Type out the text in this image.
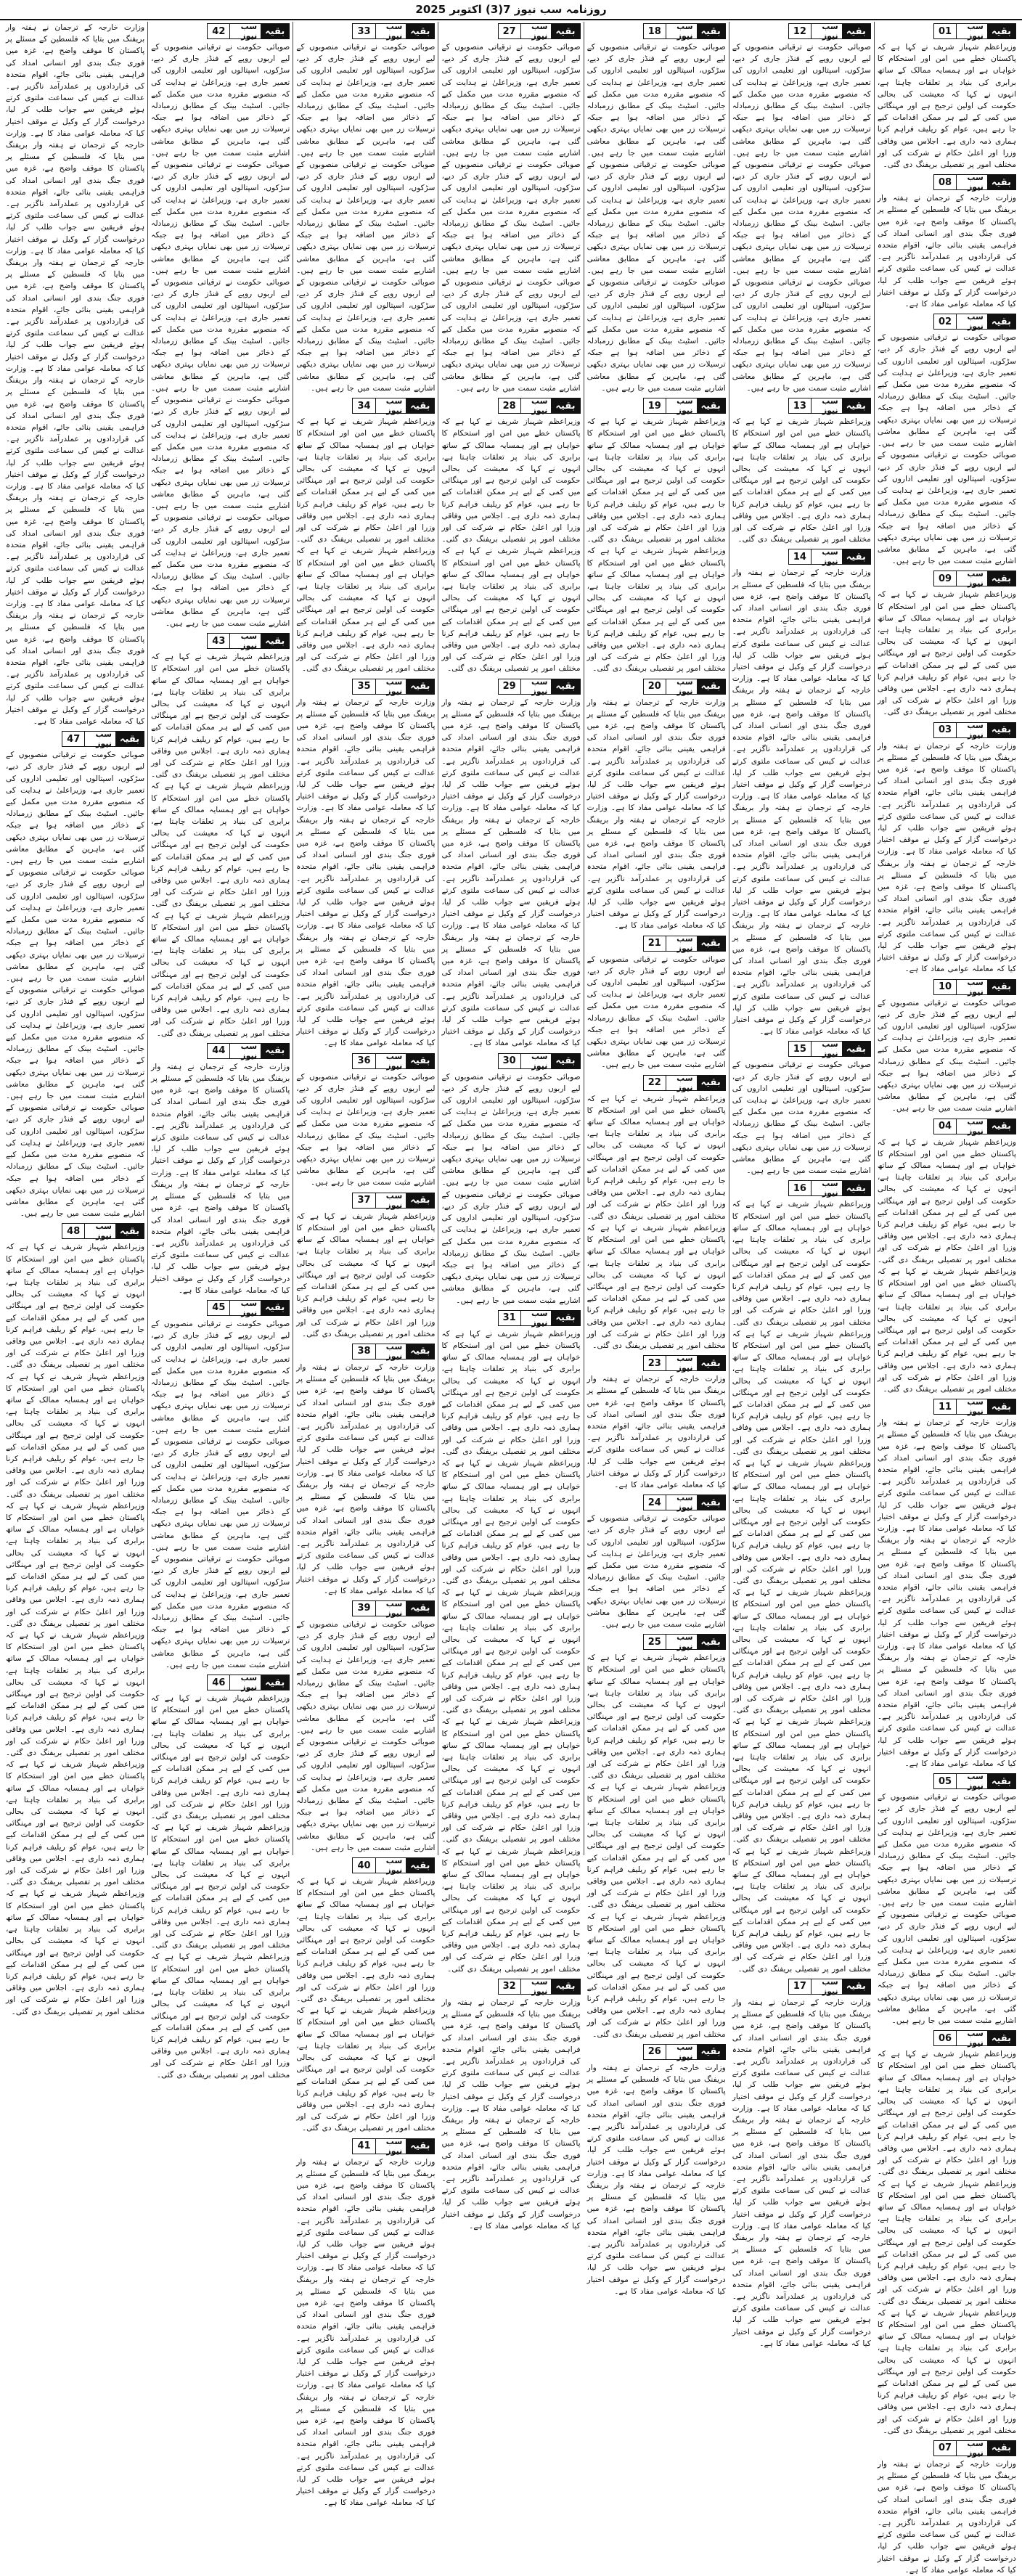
روزنامہ سب نیوز 7(3) اکتوبر 2025
بقیہ
سب نیوز
01
وزیراعظم شہباز شریف نے کہا ہے کہ پاکستان خطے میں امن اور استحکام کا خواہاں ہے اور ہمسایہ ممالک کے ساتھ برابری کی بنیاد پر تعلقات چاہتا ہے، انہوں نے کہا کہ معیشت کی بحالی حکومت کی اولین ترجیح ہے اور مہنگائی میں کمی کے لیے ہر ممکن اقدامات کیے جا رہے ہیں، عوام کو ریلیف فراہم کرنا ہماری ذمہ داری ہے۔ اجلاس میں وفاقی وزرا اور اعلیٰ حکام نے شرکت کی اور مختلف امور پر تفصیلی بریفنگ دی گئی۔
بقیہ
سب نیوز
08
وزارت خارجہ کے ترجمان نے ہفتہ وار بریفنگ میں بتایا کہ فلسطین کے مسئلے پر پاکستان کا موقف واضح ہے، غزہ میں فوری جنگ بندی اور انسانی امداد کی فراہمی یقینی بنائی جائے، اقوام متحدہ کی قراردادوں پر عملدرآمد ناگزیر ہے۔ عدالت نے کیس کی سماعت ملتوی کرتے ہوئے فریقین سے جواب طلب کر لیا، درخواست گزار کے وکیل نے موقف اختیار کیا کہ معاملہ عوامی مفاد کا ہے۔
بقیہ
سب نیوز
02
صوبائی حکومت نے ترقیاتی منصوبوں کے لیے اربوں روپے کے فنڈز جاری کر دیے، سڑکوں، اسپتالوں اور تعلیمی اداروں کی تعمیر جاری ہے، وزیراعلیٰ نے ہدایت کی کہ منصوبے مقررہ مدت میں مکمل کیے جائیں۔ اسٹیٹ بینک کے مطابق زرمبادلہ کے ذخائر میں اضافہ ہوا ہے جبکہ ترسیلات زر میں بھی نمایاں بہتری دیکھی گئی ہے، ماہرین کے مطابق معاشی اشاریے مثبت سمت میں جا رہے ہیں۔ صوبائی حکومت نے ترقیاتی منصوبوں کے لیے اربوں روپے کے فنڈز جاری کر دیے، سڑکوں، اسپتالوں اور تعلیمی اداروں کی تعمیر جاری ہے، وزیراعلیٰ نے ہدایت کی کہ منصوبے مقررہ مدت میں مکمل کیے جائیں۔ اسٹیٹ بینک کے مطابق زرمبادلہ کے ذخائر میں اضافہ ہوا ہے جبکہ ترسیلات زر میں بھی نمایاں بہتری دیکھی گئی ہے، ماہرین کے مطابق معاشی اشاریے مثبت سمت میں جا رہے ہیں۔
بقیہ
سب نیوز
09
وزیراعظم شہباز شریف نے کہا ہے کہ پاکستان خطے میں امن اور استحکام کا خواہاں ہے اور ہمسایہ ممالک کے ساتھ برابری کی بنیاد پر تعلقات چاہتا ہے، انہوں نے کہا کہ معیشت کی بحالی حکومت کی اولین ترجیح ہے اور مہنگائی میں کمی کے لیے ہر ممکن اقدامات کیے جا رہے ہیں، عوام کو ریلیف فراہم کرنا ہماری ذمہ داری ہے۔ اجلاس میں وفاقی وزرا اور اعلیٰ حکام نے شرکت کی اور مختلف امور پر تفصیلی بریفنگ دی گئی۔
بقیہ
سب نیوز
03
وزارت خارجہ کے ترجمان نے ہفتہ وار بریفنگ میں بتایا کہ فلسطین کے مسئلے پر پاکستان کا موقف واضح ہے، غزہ میں فوری جنگ بندی اور انسانی امداد کی فراہمی یقینی بنائی جائے، اقوام متحدہ کی قراردادوں پر عملدرآمد ناگزیر ہے۔ عدالت نے کیس کی سماعت ملتوی کرتے ہوئے فریقین سے جواب طلب کر لیا، درخواست گزار کے وکیل نے موقف اختیار کیا کہ معاملہ عوامی مفاد کا ہے۔ وزارت خارجہ کے ترجمان نے ہفتہ وار بریفنگ میں بتایا کہ فلسطین کے مسئلے پر پاکستان کا موقف واضح ہے، غزہ میں فوری جنگ بندی اور انسانی امداد کی فراہمی یقینی بنائی جائے، اقوام متحدہ کی قراردادوں پر عملدرآمد ناگزیر ہے۔ عدالت نے کیس کی سماعت ملتوی کرتے ہوئے فریقین سے جواب طلب کر لیا، درخواست گزار کے وکیل نے موقف اختیار کیا کہ معاملہ عوامی مفاد کا ہے۔
بقیہ
سب نیوز
10
صوبائی حکومت نے ترقیاتی منصوبوں کے لیے اربوں روپے کے فنڈز جاری کر دیے، سڑکوں، اسپتالوں اور تعلیمی اداروں کی تعمیر جاری ہے، وزیراعلیٰ نے ہدایت کی کہ منصوبے مقررہ مدت میں مکمل کیے جائیں۔ اسٹیٹ بینک کے مطابق زرمبادلہ کے ذخائر میں اضافہ ہوا ہے جبکہ ترسیلات زر میں بھی نمایاں بہتری دیکھی گئی ہے، ماہرین کے مطابق معاشی اشاریے مثبت سمت میں جا رہے ہیں۔
بقیہ
سب نیوز
04
وزیراعظم شہباز شریف نے کہا ہے کہ پاکستان خطے میں امن اور استحکام کا خواہاں ہے اور ہمسایہ ممالک کے ساتھ برابری کی بنیاد پر تعلقات چاہتا ہے، انہوں نے کہا کہ معیشت کی بحالی حکومت کی اولین ترجیح ہے اور مہنگائی میں کمی کے لیے ہر ممکن اقدامات کیے جا رہے ہیں، عوام کو ریلیف فراہم کرنا ہماری ذمہ داری ہے۔ اجلاس میں وفاقی وزرا اور اعلیٰ حکام نے شرکت کی اور مختلف امور پر تفصیلی بریفنگ دی گئی۔ وزیراعظم شہباز شریف نے کہا ہے کہ پاکستان خطے میں امن اور استحکام کا خواہاں ہے اور ہمسایہ ممالک کے ساتھ برابری کی بنیاد پر تعلقات چاہتا ہے، انہوں نے کہا کہ معیشت کی بحالی حکومت کی اولین ترجیح ہے اور مہنگائی میں کمی کے لیے ہر ممکن اقدامات کیے جا رہے ہیں، عوام کو ریلیف فراہم کرنا ہماری ذمہ داری ہے۔ اجلاس میں وفاقی وزرا اور اعلیٰ حکام نے شرکت کی اور مختلف امور پر تفصیلی بریفنگ دی گئی۔
بقیہ
سب نیوز
11
وزارت خارجہ کے ترجمان نے ہفتہ وار بریفنگ میں بتایا کہ فلسطین کے مسئلے پر پاکستان کا موقف واضح ہے، غزہ میں فوری جنگ بندی اور انسانی امداد کی فراہمی یقینی بنائی جائے، اقوام متحدہ کی قراردادوں پر عملدرآمد ناگزیر ہے۔ عدالت نے کیس کی سماعت ملتوی کرتے ہوئے فریقین سے جواب طلب کر لیا، درخواست گزار کے وکیل نے موقف اختیار کیا کہ معاملہ عوامی مفاد کا ہے۔ وزارت خارجہ کے ترجمان نے ہفتہ وار بریفنگ میں بتایا کہ فلسطین کے مسئلے پر پاکستان کا موقف واضح ہے، غزہ میں فوری جنگ بندی اور انسانی امداد کی فراہمی یقینی بنائی جائے، اقوام متحدہ کی قراردادوں پر عملدرآمد ناگزیر ہے۔ عدالت نے کیس کی سماعت ملتوی کرتے ہوئے فریقین سے جواب طلب کر لیا، درخواست گزار کے وکیل نے موقف اختیار کیا کہ معاملہ عوامی مفاد کا ہے۔ وزارت خارجہ کے ترجمان نے ہفتہ وار بریفنگ میں بتایا کہ فلسطین کے مسئلے پر پاکستان کا موقف واضح ہے، غزہ میں فوری جنگ بندی اور انسانی امداد کی فراہمی یقینی بنائی جائے، اقوام متحدہ کی قراردادوں پر عملدرآمد ناگزیر ہے۔ عدالت نے کیس کی سماعت ملتوی کرتے ہوئے فریقین سے جواب طلب کر لیا، درخواست گزار کے وکیل نے موقف اختیار کیا کہ معاملہ عوامی مفاد کا ہے۔
بقیہ
سب نیوز
05
صوبائی حکومت نے ترقیاتی منصوبوں کے لیے اربوں روپے کے فنڈز جاری کر دیے، سڑکوں، اسپتالوں اور تعلیمی اداروں کی تعمیر جاری ہے، وزیراعلیٰ نے ہدایت کی کہ منصوبے مقررہ مدت میں مکمل کیے جائیں۔ اسٹیٹ بینک کے مطابق زرمبادلہ کے ذخائر میں اضافہ ہوا ہے جبکہ ترسیلات زر میں بھی نمایاں بہتری دیکھی گئی ہے، ماہرین کے مطابق معاشی اشاریے مثبت سمت میں جا رہے ہیں۔ صوبائی حکومت نے ترقیاتی منصوبوں کے لیے اربوں روپے کے فنڈز جاری کر دیے، سڑکوں، اسپتالوں اور تعلیمی اداروں کی تعمیر جاری ہے، وزیراعلیٰ نے ہدایت کی کہ منصوبے مقررہ مدت میں مکمل کیے جائیں۔ اسٹیٹ بینک کے مطابق زرمبادلہ کے ذخائر میں اضافہ ہوا ہے جبکہ ترسیلات زر میں بھی نمایاں بہتری دیکھی گئی ہے، ماہرین کے مطابق معاشی اشاریے مثبت سمت میں جا رہے ہیں۔
بقیہ
سب نیوز
06
وزیراعظم شہباز شریف نے کہا ہے کہ پاکستان خطے میں امن اور استحکام کا خواہاں ہے اور ہمسایہ ممالک کے ساتھ برابری کی بنیاد پر تعلقات چاہتا ہے، انہوں نے کہا کہ معیشت کی بحالی حکومت کی اولین ترجیح ہے اور مہنگائی میں کمی کے لیے ہر ممکن اقدامات کیے جا رہے ہیں، عوام کو ریلیف فراہم کرنا ہماری ذمہ داری ہے۔ اجلاس میں وفاقی وزرا اور اعلیٰ حکام نے شرکت کی اور مختلف امور پر تفصیلی بریفنگ دی گئی۔ وزیراعظم شہباز شریف نے کہا ہے کہ پاکستان خطے میں امن اور استحکام کا خواہاں ہے اور ہمسایہ ممالک کے ساتھ برابری کی بنیاد پر تعلقات چاہتا ہے، انہوں نے کہا کہ معیشت کی بحالی حکومت کی اولین ترجیح ہے اور مہنگائی میں کمی کے لیے ہر ممکن اقدامات کیے جا رہے ہیں، عوام کو ریلیف فراہم کرنا ہماری ذمہ داری ہے۔ اجلاس میں وفاقی وزرا اور اعلیٰ حکام نے شرکت کی اور مختلف امور پر تفصیلی بریفنگ دی گئی۔ وزیراعظم شہباز شریف نے کہا ہے کہ پاکستان خطے میں امن اور استحکام کا خواہاں ہے اور ہمسایہ ممالک کے ساتھ برابری کی بنیاد پر تعلقات چاہتا ہے، انہوں نے کہا کہ معیشت کی بحالی حکومت کی اولین ترجیح ہے اور مہنگائی میں کمی کے لیے ہر ممکن اقدامات کیے جا رہے ہیں، عوام کو ریلیف فراہم کرنا ہماری ذمہ داری ہے۔ اجلاس میں وفاقی وزرا اور اعلیٰ حکام نے شرکت کی اور مختلف امور پر تفصیلی بریفنگ دی گئی۔
بقیہ
سب نیوز
07
وزارت خارجہ کے ترجمان نے ہفتہ وار بریفنگ میں بتایا کہ فلسطین کے مسئلے پر پاکستان کا موقف واضح ہے، غزہ میں فوری جنگ بندی اور انسانی امداد کی فراہمی یقینی بنائی جائے، اقوام متحدہ کی قراردادوں پر عملدرآمد ناگزیر ہے۔ عدالت نے کیس کی سماعت ملتوی کرتے ہوئے فریقین سے جواب طلب کر لیا، درخواست گزار کے وکیل نے موقف اختیار کیا کہ معاملہ عوامی مفاد کا ہے۔
بقیہ
سب نیوز
12
صوبائی حکومت نے ترقیاتی منصوبوں کے لیے اربوں روپے کے فنڈز جاری کر دیے، سڑکوں، اسپتالوں اور تعلیمی اداروں کی تعمیر جاری ہے، وزیراعلیٰ نے ہدایت کی کہ منصوبے مقررہ مدت میں مکمل کیے جائیں۔ اسٹیٹ بینک کے مطابق زرمبادلہ کے ذخائر میں اضافہ ہوا ہے جبکہ ترسیلات زر میں بھی نمایاں بہتری دیکھی گئی ہے، ماہرین کے مطابق معاشی اشاریے مثبت سمت میں جا رہے ہیں۔ صوبائی حکومت نے ترقیاتی منصوبوں کے لیے اربوں روپے کے فنڈز جاری کر دیے، سڑکوں، اسپتالوں اور تعلیمی اداروں کی تعمیر جاری ہے، وزیراعلیٰ نے ہدایت کی کہ منصوبے مقررہ مدت میں مکمل کیے جائیں۔ اسٹیٹ بینک کے مطابق زرمبادلہ کے ذخائر میں اضافہ ہوا ہے جبکہ ترسیلات زر میں بھی نمایاں بہتری دیکھی گئی ہے، ماہرین کے مطابق معاشی اشاریے مثبت سمت میں جا رہے ہیں۔ صوبائی حکومت نے ترقیاتی منصوبوں کے لیے اربوں روپے کے فنڈز جاری کر دیے، سڑکوں، اسپتالوں اور تعلیمی اداروں کی تعمیر جاری ہے، وزیراعلیٰ نے ہدایت کی کہ منصوبے مقررہ مدت میں مکمل کیے جائیں۔ اسٹیٹ بینک کے مطابق زرمبادلہ کے ذخائر میں اضافہ ہوا ہے جبکہ ترسیلات زر میں بھی نمایاں بہتری دیکھی گئی ہے، ماہرین کے مطابق معاشی اشاریے مثبت سمت میں جا رہے ہیں۔
بقیہ
سب نیوز
13
وزیراعظم شہباز شریف نے کہا ہے کہ پاکستان خطے میں امن اور استحکام کا خواہاں ہے اور ہمسایہ ممالک کے ساتھ برابری کی بنیاد پر تعلقات چاہتا ہے، انہوں نے کہا کہ معیشت کی بحالی حکومت کی اولین ترجیح ہے اور مہنگائی میں کمی کے لیے ہر ممکن اقدامات کیے جا رہے ہیں، عوام کو ریلیف فراہم کرنا ہماری ذمہ داری ہے۔ اجلاس میں وفاقی وزرا اور اعلیٰ حکام نے شرکت کی اور مختلف امور پر تفصیلی بریفنگ دی گئی۔
بقیہ
سب نیوز
14
وزارت خارجہ کے ترجمان نے ہفتہ وار بریفنگ میں بتایا کہ فلسطین کے مسئلے پر پاکستان کا موقف واضح ہے، غزہ میں فوری جنگ بندی اور انسانی امداد کی فراہمی یقینی بنائی جائے، اقوام متحدہ کی قراردادوں پر عملدرآمد ناگزیر ہے۔ عدالت نے کیس کی سماعت ملتوی کرتے ہوئے فریقین سے جواب طلب کر لیا، درخواست گزار کے وکیل نے موقف اختیار کیا کہ معاملہ عوامی مفاد کا ہے۔ وزارت خارجہ کے ترجمان نے ہفتہ وار بریفنگ میں بتایا کہ فلسطین کے مسئلے پر پاکستان کا موقف واضح ہے، غزہ میں فوری جنگ بندی اور انسانی امداد کی فراہمی یقینی بنائی جائے، اقوام متحدہ کی قراردادوں پر عملدرآمد ناگزیر ہے۔ عدالت نے کیس کی سماعت ملتوی کرتے ہوئے فریقین سے جواب طلب کر لیا، درخواست گزار کے وکیل نے موقف اختیار کیا کہ معاملہ عوامی مفاد کا ہے۔ وزارت خارجہ کے ترجمان نے ہفتہ وار بریفنگ میں بتایا کہ فلسطین کے مسئلے پر پاکستان کا موقف واضح ہے، غزہ میں فوری جنگ بندی اور انسانی امداد کی فراہمی یقینی بنائی جائے، اقوام متحدہ کی قراردادوں پر عملدرآمد ناگزیر ہے۔ عدالت نے کیس کی سماعت ملتوی کرتے ہوئے فریقین سے جواب طلب کر لیا، درخواست گزار کے وکیل نے موقف اختیار کیا کہ معاملہ عوامی مفاد کا ہے۔ وزارت خارجہ کے ترجمان نے ہفتہ وار بریفنگ میں بتایا کہ فلسطین کے مسئلے پر پاکستان کا موقف واضح ہے، غزہ میں فوری جنگ بندی اور انسانی امداد کی فراہمی یقینی بنائی جائے، اقوام متحدہ کی قراردادوں پر عملدرآمد ناگزیر ہے۔ عدالت نے کیس کی سماعت ملتوی کرتے ہوئے فریقین سے جواب طلب کر لیا، درخواست گزار کے وکیل نے موقف اختیار کیا کہ معاملہ عوامی مفاد کا ہے۔
بقیہ
سب نیوز
15
صوبائی حکومت نے ترقیاتی منصوبوں کے لیے اربوں روپے کے فنڈز جاری کر دیے، سڑکوں، اسپتالوں اور تعلیمی اداروں کی تعمیر جاری ہے، وزیراعلیٰ نے ہدایت کی کہ منصوبے مقررہ مدت میں مکمل کیے جائیں۔ اسٹیٹ بینک کے مطابق زرمبادلہ کے ذخائر میں اضافہ ہوا ہے جبکہ ترسیلات زر میں بھی نمایاں بہتری دیکھی گئی ہے، ماہرین کے مطابق معاشی اشاریے مثبت سمت میں جا رہے ہیں۔
بقیہ
سب نیوز
16
وزیراعظم شہباز شریف نے کہا ہے کہ پاکستان خطے میں امن اور استحکام کا خواہاں ہے اور ہمسایہ ممالک کے ساتھ برابری کی بنیاد پر تعلقات چاہتا ہے، انہوں نے کہا کہ معیشت کی بحالی حکومت کی اولین ترجیح ہے اور مہنگائی میں کمی کے لیے ہر ممکن اقدامات کیے جا رہے ہیں، عوام کو ریلیف فراہم کرنا ہماری ذمہ داری ہے۔ اجلاس میں وفاقی وزرا اور اعلیٰ حکام نے شرکت کی اور مختلف امور پر تفصیلی بریفنگ دی گئی۔ وزیراعظم شہباز شریف نے کہا ہے کہ پاکستان خطے میں امن اور استحکام کا خواہاں ہے اور ہمسایہ ممالک کے ساتھ برابری کی بنیاد پر تعلقات چاہتا ہے، انہوں نے کہا کہ معیشت کی بحالی حکومت کی اولین ترجیح ہے اور مہنگائی میں کمی کے لیے ہر ممکن اقدامات کیے جا رہے ہیں، عوام کو ریلیف فراہم کرنا ہماری ذمہ داری ہے۔ اجلاس میں وفاقی وزرا اور اعلیٰ حکام نے شرکت کی اور مختلف امور پر تفصیلی بریفنگ دی گئی۔ وزیراعظم شہباز شریف نے کہا ہے کہ پاکستان خطے میں امن اور استحکام کا خواہاں ہے اور ہمسایہ ممالک کے ساتھ برابری کی بنیاد پر تعلقات چاہتا ہے، انہوں نے کہا کہ معیشت کی بحالی حکومت کی اولین ترجیح ہے اور مہنگائی میں کمی کے لیے ہر ممکن اقدامات کیے جا رہے ہیں، عوام کو ریلیف فراہم کرنا ہماری ذمہ داری ہے۔ اجلاس میں وفاقی وزرا اور اعلیٰ حکام نے شرکت کی اور مختلف امور پر تفصیلی بریفنگ دی گئی۔ وزیراعظم شہباز شریف نے کہا ہے کہ پاکستان خطے میں امن اور استحکام کا خواہاں ہے اور ہمسایہ ممالک کے ساتھ برابری کی بنیاد پر تعلقات چاہتا ہے، انہوں نے کہا کہ معیشت کی بحالی حکومت کی اولین ترجیح ہے اور مہنگائی میں کمی کے لیے ہر ممکن اقدامات کیے جا رہے ہیں، عوام کو ریلیف فراہم کرنا ہماری ذمہ داری ہے۔ اجلاس میں وفاقی وزرا اور اعلیٰ حکام نے شرکت کی اور مختلف امور پر تفصیلی بریفنگ دی گئی۔ وزیراعظم شہباز شریف نے کہا ہے کہ پاکستان خطے میں امن اور استحکام کا خواہاں ہے اور ہمسایہ ممالک کے ساتھ برابری کی بنیاد پر تعلقات چاہتا ہے، انہوں نے کہا کہ معیشت کی بحالی حکومت کی اولین ترجیح ہے اور مہنگائی میں کمی کے لیے ہر ممکن اقدامات کیے جا رہے ہیں، عوام کو ریلیف فراہم کرنا ہماری ذمہ داری ہے۔ اجلاس میں وفاقی وزرا اور اعلیٰ حکام نے شرکت کی اور مختلف امور پر تفصیلی بریفنگ دی گئی۔ وزیراعظم شہباز شریف نے کہا ہے کہ پاکستان خطے میں امن اور استحکام کا خواہاں ہے اور ہمسایہ ممالک کے ساتھ برابری کی بنیاد پر تعلقات چاہتا ہے، انہوں نے کہا کہ معیشت کی بحالی حکومت کی اولین ترجیح ہے اور مہنگائی میں کمی کے لیے ہر ممکن اقدامات کیے جا رہے ہیں، عوام کو ریلیف فراہم کرنا ہماری ذمہ داری ہے۔ اجلاس میں وفاقی وزرا اور اعلیٰ حکام نے شرکت کی اور مختلف امور پر تفصیلی بریفنگ دی گئی۔
بقیہ
سب نیوز
17
وزارت خارجہ کے ترجمان نے ہفتہ وار بریفنگ میں بتایا کہ فلسطین کے مسئلے پر پاکستان کا موقف واضح ہے، غزہ میں فوری جنگ بندی اور انسانی امداد کی فراہمی یقینی بنائی جائے، اقوام متحدہ کی قراردادوں پر عملدرآمد ناگزیر ہے۔ عدالت نے کیس کی سماعت ملتوی کرتے ہوئے فریقین سے جواب طلب کر لیا، درخواست گزار کے وکیل نے موقف اختیار کیا کہ معاملہ عوامی مفاد کا ہے۔ وزارت خارجہ کے ترجمان نے ہفتہ وار بریفنگ میں بتایا کہ فلسطین کے مسئلے پر پاکستان کا موقف واضح ہے، غزہ میں فوری جنگ بندی اور انسانی امداد کی فراہمی یقینی بنائی جائے، اقوام متحدہ کی قراردادوں پر عملدرآمد ناگزیر ہے۔ عدالت نے کیس کی سماعت ملتوی کرتے ہوئے فریقین سے جواب طلب کر لیا، درخواست گزار کے وکیل نے موقف اختیار کیا کہ معاملہ عوامی مفاد کا ہے۔ وزارت خارجہ کے ترجمان نے ہفتہ وار بریفنگ میں بتایا کہ فلسطین کے مسئلے پر پاکستان کا موقف واضح ہے، غزہ میں فوری جنگ بندی اور انسانی امداد کی فراہمی یقینی بنائی جائے، اقوام متحدہ کی قراردادوں پر عملدرآمد ناگزیر ہے۔ عدالت نے کیس کی سماعت ملتوی کرتے ہوئے فریقین سے جواب طلب کر لیا، درخواست گزار کے وکیل نے موقف اختیار کیا کہ معاملہ عوامی مفاد کا ہے۔
بقیہ
سب نیوز
18
صوبائی حکومت نے ترقیاتی منصوبوں کے لیے اربوں روپے کے فنڈز جاری کر دیے، سڑکوں، اسپتالوں اور تعلیمی اداروں کی تعمیر جاری ہے، وزیراعلیٰ نے ہدایت کی کہ منصوبے مقررہ مدت میں مکمل کیے جائیں۔ اسٹیٹ بینک کے مطابق زرمبادلہ کے ذخائر میں اضافہ ہوا ہے جبکہ ترسیلات زر میں بھی نمایاں بہتری دیکھی گئی ہے، ماہرین کے مطابق معاشی اشاریے مثبت سمت میں جا رہے ہیں۔ صوبائی حکومت نے ترقیاتی منصوبوں کے لیے اربوں روپے کے فنڈز جاری کر دیے، سڑکوں، اسپتالوں اور تعلیمی اداروں کی تعمیر جاری ہے، وزیراعلیٰ نے ہدایت کی کہ منصوبے مقررہ مدت میں مکمل کیے جائیں۔ اسٹیٹ بینک کے مطابق زرمبادلہ کے ذخائر میں اضافہ ہوا ہے جبکہ ترسیلات زر میں بھی نمایاں بہتری دیکھی گئی ہے، ماہرین کے مطابق معاشی اشاریے مثبت سمت میں جا رہے ہیں۔ صوبائی حکومت نے ترقیاتی منصوبوں کے لیے اربوں روپے کے فنڈز جاری کر دیے، سڑکوں، اسپتالوں اور تعلیمی اداروں کی تعمیر جاری ہے، وزیراعلیٰ نے ہدایت کی کہ منصوبے مقررہ مدت میں مکمل کیے جائیں۔ اسٹیٹ بینک کے مطابق زرمبادلہ کے ذخائر میں اضافہ ہوا ہے جبکہ ترسیلات زر میں بھی نمایاں بہتری دیکھی گئی ہے، ماہرین کے مطابق معاشی اشاریے مثبت سمت میں جا رہے ہیں۔
بقیہ
سب نیوز
19
وزیراعظم شہباز شریف نے کہا ہے کہ پاکستان خطے میں امن اور استحکام کا خواہاں ہے اور ہمسایہ ممالک کے ساتھ برابری کی بنیاد پر تعلقات چاہتا ہے، انہوں نے کہا کہ معیشت کی بحالی حکومت کی اولین ترجیح ہے اور مہنگائی میں کمی کے لیے ہر ممکن اقدامات کیے جا رہے ہیں، عوام کو ریلیف فراہم کرنا ہماری ذمہ داری ہے۔ اجلاس میں وفاقی وزرا اور اعلیٰ حکام نے شرکت کی اور مختلف امور پر تفصیلی بریفنگ دی گئی۔ وزیراعظم شہباز شریف نے کہا ہے کہ پاکستان خطے میں امن اور استحکام کا خواہاں ہے اور ہمسایہ ممالک کے ساتھ برابری کی بنیاد پر تعلقات چاہتا ہے، انہوں نے کہا کہ معیشت کی بحالی حکومت کی اولین ترجیح ہے اور مہنگائی میں کمی کے لیے ہر ممکن اقدامات کیے جا رہے ہیں، عوام کو ریلیف فراہم کرنا ہماری ذمہ داری ہے۔ اجلاس میں وفاقی وزرا اور اعلیٰ حکام نے شرکت کی اور مختلف امور پر تفصیلی بریفنگ دی گئی۔
بقیہ
سب نیوز
20
وزارت خارجہ کے ترجمان نے ہفتہ وار بریفنگ میں بتایا کہ فلسطین کے مسئلے پر پاکستان کا موقف واضح ہے، غزہ میں فوری جنگ بندی اور انسانی امداد کی فراہمی یقینی بنائی جائے، اقوام متحدہ کی قراردادوں پر عملدرآمد ناگزیر ہے۔ عدالت نے کیس کی سماعت ملتوی کرتے ہوئے فریقین سے جواب طلب کر لیا، درخواست گزار کے وکیل نے موقف اختیار کیا کہ معاملہ عوامی مفاد کا ہے۔ وزارت خارجہ کے ترجمان نے ہفتہ وار بریفنگ میں بتایا کہ فلسطین کے مسئلے پر پاکستان کا موقف واضح ہے، غزہ میں فوری جنگ بندی اور انسانی امداد کی فراہمی یقینی بنائی جائے، اقوام متحدہ کی قراردادوں پر عملدرآمد ناگزیر ہے۔ عدالت نے کیس کی سماعت ملتوی کرتے ہوئے فریقین سے جواب طلب کر لیا، درخواست گزار کے وکیل نے موقف اختیار کیا کہ معاملہ عوامی مفاد کا ہے۔
بقیہ
سب نیوز
21
صوبائی حکومت نے ترقیاتی منصوبوں کے لیے اربوں روپے کے فنڈز جاری کر دیے، سڑکوں، اسپتالوں اور تعلیمی اداروں کی تعمیر جاری ہے، وزیراعلیٰ نے ہدایت کی کہ منصوبے مقررہ مدت میں مکمل کیے جائیں۔ اسٹیٹ بینک کے مطابق زرمبادلہ کے ذخائر میں اضافہ ہوا ہے جبکہ ترسیلات زر میں بھی نمایاں بہتری دیکھی گئی ہے، ماہرین کے مطابق معاشی اشاریے مثبت سمت میں جا رہے ہیں۔
بقیہ
سب نیوز
22
وزیراعظم شہباز شریف نے کہا ہے کہ پاکستان خطے میں امن اور استحکام کا خواہاں ہے اور ہمسایہ ممالک کے ساتھ برابری کی بنیاد پر تعلقات چاہتا ہے، انہوں نے کہا کہ معیشت کی بحالی حکومت کی اولین ترجیح ہے اور مہنگائی میں کمی کے لیے ہر ممکن اقدامات کیے جا رہے ہیں، عوام کو ریلیف فراہم کرنا ہماری ذمہ داری ہے۔ اجلاس میں وفاقی وزرا اور اعلیٰ حکام نے شرکت کی اور مختلف امور پر تفصیلی بریفنگ دی گئی۔ وزیراعظم شہباز شریف نے کہا ہے کہ پاکستان خطے میں امن اور استحکام کا خواہاں ہے اور ہمسایہ ممالک کے ساتھ برابری کی بنیاد پر تعلقات چاہتا ہے، انہوں نے کہا کہ معیشت کی بحالی حکومت کی اولین ترجیح ہے اور مہنگائی میں کمی کے لیے ہر ممکن اقدامات کیے جا رہے ہیں، عوام کو ریلیف فراہم کرنا ہماری ذمہ داری ہے۔ اجلاس میں وفاقی وزرا اور اعلیٰ حکام نے شرکت کی اور مختلف امور پر تفصیلی بریفنگ دی گئی۔
بقیہ
سب نیوز
23
وزارت خارجہ کے ترجمان نے ہفتہ وار بریفنگ میں بتایا کہ فلسطین کے مسئلے پر پاکستان کا موقف واضح ہے، غزہ میں فوری جنگ بندی اور انسانی امداد کی فراہمی یقینی بنائی جائے، اقوام متحدہ کی قراردادوں پر عملدرآمد ناگزیر ہے۔ عدالت نے کیس کی سماعت ملتوی کرتے ہوئے فریقین سے جواب طلب کر لیا، درخواست گزار کے وکیل نے موقف اختیار کیا کہ معاملہ عوامی مفاد کا ہے۔
بقیہ
سب نیوز
24
صوبائی حکومت نے ترقیاتی منصوبوں کے لیے اربوں روپے کے فنڈز جاری کر دیے، سڑکوں، اسپتالوں اور تعلیمی اداروں کی تعمیر جاری ہے، وزیراعلیٰ نے ہدایت کی کہ منصوبے مقررہ مدت میں مکمل کیے جائیں۔ اسٹیٹ بینک کے مطابق زرمبادلہ کے ذخائر میں اضافہ ہوا ہے جبکہ ترسیلات زر میں بھی نمایاں بہتری دیکھی گئی ہے، ماہرین کے مطابق معاشی اشاریے مثبت سمت میں جا رہے ہیں۔
بقیہ
سب نیوز
25
وزیراعظم شہباز شریف نے کہا ہے کہ پاکستان خطے میں امن اور استحکام کا خواہاں ہے اور ہمسایہ ممالک کے ساتھ برابری کی بنیاد پر تعلقات چاہتا ہے، انہوں نے کہا کہ معیشت کی بحالی حکومت کی اولین ترجیح ہے اور مہنگائی میں کمی کے لیے ہر ممکن اقدامات کیے جا رہے ہیں، عوام کو ریلیف فراہم کرنا ہماری ذمہ داری ہے۔ اجلاس میں وفاقی وزرا اور اعلیٰ حکام نے شرکت کی اور مختلف امور پر تفصیلی بریفنگ دی گئی۔ وزیراعظم شہباز شریف نے کہا ہے کہ پاکستان خطے میں امن اور استحکام کا خواہاں ہے اور ہمسایہ ممالک کے ساتھ برابری کی بنیاد پر تعلقات چاہتا ہے، انہوں نے کہا کہ معیشت کی بحالی حکومت کی اولین ترجیح ہے اور مہنگائی میں کمی کے لیے ہر ممکن اقدامات کیے جا رہے ہیں، عوام کو ریلیف فراہم کرنا ہماری ذمہ داری ہے۔ اجلاس میں وفاقی وزرا اور اعلیٰ حکام نے شرکت کی اور مختلف امور پر تفصیلی بریفنگ دی گئی۔ وزیراعظم شہباز شریف نے کہا ہے کہ پاکستان خطے میں امن اور استحکام کا خواہاں ہے اور ہمسایہ ممالک کے ساتھ برابری کی بنیاد پر تعلقات چاہتا ہے، انہوں نے کہا کہ معیشت کی بحالی حکومت کی اولین ترجیح ہے اور مہنگائی میں کمی کے لیے ہر ممکن اقدامات کیے جا رہے ہیں، عوام کو ریلیف فراہم کرنا ہماری ذمہ داری ہے۔ اجلاس میں وفاقی وزرا اور اعلیٰ حکام نے شرکت کی اور مختلف امور پر تفصیلی بریفنگ دی گئی۔
بقیہ
سب نیوز
26
وزارت خارجہ کے ترجمان نے ہفتہ وار بریفنگ میں بتایا کہ فلسطین کے مسئلے پر پاکستان کا موقف واضح ہے، غزہ میں فوری جنگ بندی اور انسانی امداد کی فراہمی یقینی بنائی جائے، اقوام متحدہ کی قراردادوں پر عملدرآمد ناگزیر ہے۔ عدالت نے کیس کی سماعت ملتوی کرتے ہوئے فریقین سے جواب طلب کر لیا، درخواست گزار کے وکیل نے موقف اختیار کیا کہ معاملہ عوامی مفاد کا ہے۔ وزارت خارجہ کے ترجمان نے ہفتہ وار بریفنگ میں بتایا کہ فلسطین کے مسئلے پر پاکستان کا موقف واضح ہے، غزہ میں فوری جنگ بندی اور انسانی امداد کی فراہمی یقینی بنائی جائے، اقوام متحدہ کی قراردادوں پر عملدرآمد ناگزیر ہے۔ عدالت نے کیس کی سماعت ملتوی کرتے ہوئے فریقین سے جواب طلب کر لیا، درخواست گزار کے وکیل نے موقف اختیار کیا کہ معاملہ عوامی مفاد کا ہے۔
بقیہ
سب نیوز
27
صوبائی حکومت نے ترقیاتی منصوبوں کے لیے اربوں روپے کے فنڈز جاری کر دیے، سڑکوں، اسپتالوں اور تعلیمی اداروں کی تعمیر جاری ہے، وزیراعلیٰ نے ہدایت کی کہ منصوبے مقررہ مدت میں مکمل کیے جائیں۔ اسٹیٹ بینک کے مطابق زرمبادلہ کے ذخائر میں اضافہ ہوا ہے جبکہ ترسیلات زر میں بھی نمایاں بہتری دیکھی گئی ہے، ماہرین کے مطابق معاشی اشاریے مثبت سمت میں جا رہے ہیں۔ صوبائی حکومت نے ترقیاتی منصوبوں کے لیے اربوں روپے کے فنڈز جاری کر دیے، سڑکوں، اسپتالوں اور تعلیمی اداروں کی تعمیر جاری ہے، وزیراعلیٰ نے ہدایت کی کہ منصوبے مقررہ مدت میں مکمل کیے جائیں۔ اسٹیٹ بینک کے مطابق زرمبادلہ کے ذخائر میں اضافہ ہوا ہے جبکہ ترسیلات زر میں بھی نمایاں بہتری دیکھی گئی ہے، ماہرین کے مطابق معاشی اشاریے مثبت سمت میں جا رہے ہیں۔ صوبائی حکومت نے ترقیاتی منصوبوں کے لیے اربوں روپے کے فنڈز جاری کر دیے، سڑکوں، اسپتالوں اور تعلیمی اداروں کی تعمیر جاری ہے، وزیراعلیٰ نے ہدایت کی کہ منصوبے مقررہ مدت میں مکمل کیے جائیں۔ اسٹیٹ بینک کے مطابق زرمبادلہ کے ذخائر میں اضافہ ہوا ہے جبکہ ترسیلات زر میں بھی نمایاں بہتری دیکھی گئی ہے، ماہرین کے مطابق معاشی اشاریے مثبت سمت میں جا رہے ہیں۔
بقیہ
سب نیوز
28
وزیراعظم شہباز شریف نے کہا ہے کہ پاکستان خطے میں امن اور استحکام کا خواہاں ہے اور ہمسایہ ممالک کے ساتھ برابری کی بنیاد پر تعلقات چاہتا ہے، انہوں نے کہا کہ معیشت کی بحالی حکومت کی اولین ترجیح ہے اور مہنگائی میں کمی کے لیے ہر ممکن اقدامات کیے جا رہے ہیں، عوام کو ریلیف فراہم کرنا ہماری ذمہ داری ہے۔ اجلاس میں وفاقی وزرا اور اعلیٰ حکام نے شرکت کی اور مختلف امور پر تفصیلی بریفنگ دی گئی۔ وزیراعظم شہباز شریف نے کہا ہے کہ پاکستان خطے میں امن اور استحکام کا خواہاں ہے اور ہمسایہ ممالک کے ساتھ برابری کی بنیاد پر تعلقات چاہتا ہے، انہوں نے کہا کہ معیشت کی بحالی حکومت کی اولین ترجیح ہے اور مہنگائی میں کمی کے لیے ہر ممکن اقدامات کیے جا رہے ہیں، عوام کو ریلیف فراہم کرنا ہماری ذمہ داری ہے۔ اجلاس میں وفاقی وزرا اور اعلیٰ حکام نے شرکت کی اور مختلف امور پر تفصیلی بریفنگ دی گئی۔
بقیہ
سب نیوز
29
وزارت خارجہ کے ترجمان نے ہفتہ وار بریفنگ میں بتایا کہ فلسطین کے مسئلے پر پاکستان کا موقف واضح ہے، غزہ میں فوری جنگ بندی اور انسانی امداد کی فراہمی یقینی بنائی جائے، اقوام متحدہ کی قراردادوں پر عملدرآمد ناگزیر ہے۔ عدالت نے کیس کی سماعت ملتوی کرتے ہوئے فریقین سے جواب طلب کر لیا، درخواست گزار کے وکیل نے موقف اختیار کیا کہ معاملہ عوامی مفاد کا ہے۔ وزارت خارجہ کے ترجمان نے ہفتہ وار بریفنگ میں بتایا کہ فلسطین کے مسئلے پر پاکستان کا موقف واضح ہے، غزہ میں فوری جنگ بندی اور انسانی امداد کی فراہمی یقینی بنائی جائے، اقوام متحدہ کی قراردادوں پر عملدرآمد ناگزیر ہے۔ عدالت نے کیس کی سماعت ملتوی کرتے ہوئے فریقین سے جواب طلب کر لیا، درخواست گزار کے وکیل نے موقف اختیار کیا کہ معاملہ عوامی مفاد کا ہے۔ وزارت خارجہ کے ترجمان نے ہفتہ وار بریفنگ میں بتایا کہ فلسطین کے مسئلے پر پاکستان کا موقف واضح ہے، غزہ میں فوری جنگ بندی اور انسانی امداد کی فراہمی یقینی بنائی جائے، اقوام متحدہ کی قراردادوں پر عملدرآمد ناگزیر ہے۔ عدالت نے کیس کی سماعت ملتوی کرتے ہوئے فریقین سے جواب طلب کر لیا، درخواست گزار کے وکیل نے موقف اختیار کیا کہ معاملہ عوامی مفاد کا ہے۔
بقیہ
سب نیوز
30
صوبائی حکومت نے ترقیاتی منصوبوں کے لیے اربوں روپے کے فنڈز جاری کر دیے، سڑکوں، اسپتالوں اور تعلیمی اداروں کی تعمیر جاری ہے، وزیراعلیٰ نے ہدایت کی کہ منصوبے مقررہ مدت میں مکمل کیے جائیں۔ اسٹیٹ بینک کے مطابق زرمبادلہ کے ذخائر میں اضافہ ہوا ہے جبکہ ترسیلات زر میں بھی نمایاں بہتری دیکھی گئی ہے، ماہرین کے مطابق معاشی اشاریے مثبت سمت میں جا رہے ہیں۔ صوبائی حکومت نے ترقیاتی منصوبوں کے لیے اربوں روپے کے فنڈز جاری کر دیے، سڑکوں، اسپتالوں اور تعلیمی اداروں کی تعمیر جاری ہے، وزیراعلیٰ نے ہدایت کی کہ منصوبے مقررہ مدت میں مکمل کیے جائیں۔ اسٹیٹ بینک کے مطابق زرمبادلہ کے ذخائر میں اضافہ ہوا ہے جبکہ ترسیلات زر میں بھی نمایاں بہتری دیکھی گئی ہے، ماہرین کے مطابق معاشی اشاریے مثبت سمت میں جا رہے ہیں۔
بقیہ
سب نیوز
31
وزیراعظم شہباز شریف نے کہا ہے کہ پاکستان خطے میں امن اور استحکام کا خواہاں ہے اور ہمسایہ ممالک کے ساتھ برابری کی بنیاد پر تعلقات چاہتا ہے، انہوں نے کہا کہ معیشت کی بحالی حکومت کی اولین ترجیح ہے اور مہنگائی میں کمی کے لیے ہر ممکن اقدامات کیے جا رہے ہیں، عوام کو ریلیف فراہم کرنا ہماری ذمہ داری ہے۔ اجلاس میں وفاقی وزرا اور اعلیٰ حکام نے شرکت کی اور مختلف امور پر تفصیلی بریفنگ دی گئی۔ وزیراعظم شہباز شریف نے کہا ہے کہ پاکستان خطے میں امن اور استحکام کا خواہاں ہے اور ہمسایہ ممالک کے ساتھ برابری کی بنیاد پر تعلقات چاہتا ہے، انہوں نے کہا کہ معیشت کی بحالی حکومت کی اولین ترجیح ہے اور مہنگائی میں کمی کے لیے ہر ممکن اقدامات کیے جا رہے ہیں، عوام کو ریلیف فراہم کرنا ہماری ذمہ داری ہے۔ اجلاس میں وفاقی وزرا اور اعلیٰ حکام نے شرکت کی اور مختلف امور پر تفصیلی بریفنگ دی گئی۔ وزیراعظم شہباز شریف نے کہا ہے کہ پاکستان خطے میں امن اور استحکام کا خواہاں ہے اور ہمسایہ ممالک کے ساتھ برابری کی بنیاد پر تعلقات چاہتا ہے، انہوں نے کہا کہ معیشت کی بحالی حکومت کی اولین ترجیح ہے اور مہنگائی میں کمی کے لیے ہر ممکن اقدامات کیے جا رہے ہیں، عوام کو ریلیف فراہم کرنا ہماری ذمہ داری ہے۔ اجلاس میں وفاقی وزرا اور اعلیٰ حکام نے شرکت کی اور مختلف امور پر تفصیلی بریفنگ دی گئی۔ وزیراعظم شہباز شریف نے کہا ہے کہ پاکستان خطے میں امن اور استحکام کا خواہاں ہے اور ہمسایہ ممالک کے ساتھ برابری کی بنیاد پر تعلقات چاہتا ہے، انہوں نے کہا کہ معیشت کی بحالی حکومت کی اولین ترجیح ہے اور مہنگائی میں کمی کے لیے ہر ممکن اقدامات کیے جا رہے ہیں، عوام کو ریلیف فراہم کرنا ہماری ذمہ داری ہے۔ اجلاس میں وفاقی وزرا اور اعلیٰ حکام نے شرکت کی اور مختلف امور پر تفصیلی بریفنگ دی گئی۔ وزیراعظم شہباز شریف نے کہا ہے کہ پاکستان خطے میں امن اور استحکام کا خواہاں ہے اور ہمسایہ ممالک کے ساتھ برابری کی بنیاد پر تعلقات چاہتا ہے، انہوں نے کہا کہ معیشت کی بحالی حکومت کی اولین ترجیح ہے اور مہنگائی میں کمی کے لیے ہر ممکن اقدامات کیے جا رہے ہیں، عوام کو ریلیف فراہم کرنا ہماری ذمہ داری ہے۔ اجلاس میں وفاقی وزرا اور اعلیٰ حکام نے شرکت کی اور مختلف امور پر تفصیلی بریفنگ دی گئی۔
بقیہ
سب نیوز
32
وزارت خارجہ کے ترجمان نے ہفتہ وار بریفنگ میں بتایا کہ فلسطین کے مسئلے پر پاکستان کا موقف واضح ہے، غزہ میں فوری جنگ بندی اور انسانی امداد کی فراہمی یقینی بنائی جائے، اقوام متحدہ کی قراردادوں پر عملدرآمد ناگزیر ہے۔ عدالت نے کیس کی سماعت ملتوی کرتے ہوئے فریقین سے جواب طلب کر لیا، درخواست گزار کے وکیل نے موقف اختیار کیا کہ معاملہ عوامی مفاد کا ہے۔ وزارت خارجہ کے ترجمان نے ہفتہ وار بریفنگ میں بتایا کہ فلسطین کے مسئلے پر پاکستان کا موقف واضح ہے، غزہ میں فوری جنگ بندی اور انسانی امداد کی فراہمی یقینی بنائی جائے، اقوام متحدہ کی قراردادوں پر عملدرآمد ناگزیر ہے۔ عدالت نے کیس کی سماعت ملتوی کرتے ہوئے فریقین سے جواب طلب کر لیا، درخواست گزار کے وکیل نے موقف اختیار کیا کہ معاملہ عوامی مفاد کا ہے۔
بقیہ
سب نیوز
33
صوبائی حکومت نے ترقیاتی منصوبوں کے لیے اربوں روپے کے فنڈز جاری کر دیے، سڑکوں، اسپتالوں اور تعلیمی اداروں کی تعمیر جاری ہے، وزیراعلیٰ نے ہدایت کی کہ منصوبے مقررہ مدت میں مکمل کیے جائیں۔ اسٹیٹ بینک کے مطابق زرمبادلہ کے ذخائر میں اضافہ ہوا ہے جبکہ ترسیلات زر میں بھی نمایاں بہتری دیکھی گئی ہے، ماہرین کے مطابق معاشی اشاریے مثبت سمت میں جا رہے ہیں۔ صوبائی حکومت نے ترقیاتی منصوبوں کے لیے اربوں روپے کے فنڈز جاری کر دیے، سڑکوں، اسپتالوں اور تعلیمی اداروں کی تعمیر جاری ہے، وزیراعلیٰ نے ہدایت کی کہ منصوبے مقررہ مدت میں مکمل کیے جائیں۔ اسٹیٹ بینک کے مطابق زرمبادلہ کے ذخائر میں اضافہ ہوا ہے جبکہ ترسیلات زر میں بھی نمایاں بہتری دیکھی گئی ہے، ماہرین کے مطابق معاشی اشاریے مثبت سمت میں جا رہے ہیں۔ صوبائی حکومت نے ترقیاتی منصوبوں کے لیے اربوں روپے کے فنڈز جاری کر دیے، سڑکوں، اسپتالوں اور تعلیمی اداروں کی تعمیر جاری ہے، وزیراعلیٰ نے ہدایت کی کہ منصوبے مقررہ مدت میں مکمل کیے جائیں۔ اسٹیٹ بینک کے مطابق زرمبادلہ کے ذخائر میں اضافہ ہوا ہے جبکہ ترسیلات زر میں بھی نمایاں بہتری دیکھی گئی ہے، ماہرین کے مطابق معاشی اشاریے مثبت سمت میں جا رہے ہیں۔
بقیہ
سب نیوز
34
وزیراعظم شہباز شریف نے کہا ہے کہ پاکستان خطے میں امن اور استحکام کا خواہاں ہے اور ہمسایہ ممالک کے ساتھ برابری کی بنیاد پر تعلقات چاہتا ہے، انہوں نے کہا کہ معیشت کی بحالی حکومت کی اولین ترجیح ہے اور مہنگائی میں کمی کے لیے ہر ممکن اقدامات کیے جا رہے ہیں، عوام کو ریلیف فراہم کرنا ہماری ذمہ داری ہے۔ اجلاس میں وفاقی وزرا اور اعلیٰ حکام نے شرکت کی اور مختلف امور پر تفصیلی بریفنگ دی گئی۔ وزیراعظم شہباز شریف نے کہا ہے کہ پاکستان خطے میں امن اور استحکام کا خواہاں ہے اور ہمسایہ ممالک کے ساتھ برابری کی بنیاد پر تعلقات چاہتا ہے، انہوں نے کہا کہ معیشت کی بحالی حکومت کی اولین ترجیح ہے اور مہنگائی میں کمی کے لیے ہر ممکن اقدامات کیے جا رہے ہیں، عوام کو ریلیف فراہم کرنا ہماری ذمہ داری ہے۔ اجلاس میں وفاقی وزرا اور اعلیٰ حکام نے شرکت کی اور مختلف امور پر تفصیلی بریفنگ دی گئی۔
بقیہ
سب نیوز
35
وزارت خارجہ کے ترجمان نے ہفتہ وار بریفنگ میں بتایا کہ فلسطین کے مسئلے پر پاکستان کا موقف واضح ہے، غزہ میں فوری جنگ بندی اور انسانی امداد کی فراہمی یقینی بنائی جائے، اقوام متحدہ کی قراردادوں پر عملدرآمد ناگزیر ہے۔ عدالت نے کیس کی سماعت ملتوی کرتے ہوئے فریقین سے جواب طلب کر لیا، درخواست گزار کے وکیل نے موقف اختیار کیا کہ معاملہ عوامی مفاد کا ہے۔ وزارت خارجہ کے ترجمان نے ہفتہ وار بریفنگ میں بتایا کہ فلسطین کے مسئلے پر پاکستان کا موقف واضح ہے، غزہ میں فوری جنگ بندی اور انسانی امداد کی فراہمی یقینی بنائی جائے، اقوام متحدہ کی قراردادوں پر عملدرآمد ناگزیر ہے۔ عدالت نے کیس کی سماعت ملتوی کرتے ہوئے فریقین سے جواب طلب کر لیا، درخواست گزار کے وکیل نے موقف اختیار کیا کہ معاملہ عوامی مفاد کا ہے۔ وزارت خارجہ کے ترجمان نے ہفتہ وار بریفنگ میں بتایا کہ فلسطین کے مسئلے پر پاکستان کا موقف واضح ہے، غزہ میں فوری جنگ بندی اور انسانی امداد کی فراہمی یقینی بنائی جائے، اقوام متحدہ کی قراردادوں پر عملدرآمد ناگزیر ہے۔ عدالت نے کیس کی سماعت ملتوی کرتے ہوئے فریقین سے جواب طلب کر لیا، درخواست گزار کے وکیل نے موقف اختیار کیا کہ معاملہ عوامی مفاد کا ہے۔
بقیہ
سب نیوز
36
صوبائی حکومت نے ترقیاتی منصوبوں کے لیے اربوں روپے کے فنڈز جاری کر دیے، سڑکوں، اسپتالوں اور تعلیمی اداروں کی تعمیر جاری ہے، وزیراعلیٰ نے ہدایت کی کہ منصوبے مقررہ مدت میں مکمل کیے جائیں۔ اسٹیٹ بینک کے مطابق زرمبادلہ کے ذخائر میں اضافہ ہوا ہے جبکہ ترسیلات زر میں بھی نمایاں بہتری دیکھی گئی ہے، ماہرین کے مطابق معاشی اشاریے مثبت سمت میں جا رہے ہیں۔
بقیہ
سب نیوز
37
وزیراعظم شہباز شریف نے کہا ہے کہ پاکستان خطے میں امن اور استحکام کا خواہاں ہے اور ہمسایہ ممالک کے ساتھ برابری کی بنیاد پر تعلقات چاہتا ہے، انہوں نے کہا کہ معیشت کی بحالی حکومت کی اولین ترجیح ہے اور مہنگائی میں کمی کے لیے ہر ممکن اقدامات کیے جا رہے ہیں، عوام کو ریلیف فراہم کرنا ہماری ذمہ داری ہے۔ اجلاس میں وفاقی وزرا اور اعلیٰ حکام نے شرکت کی اور مختلف امور پر تفصیلی بریفنگ دی گئی۔
بقیہ
سب نیوز
38
وزارت خارجہ کے ترجمان نے ہفتہ وار بریفنگ میں بتایا کہ فلسطین کے مسئلے پر پاکستان کا موقف واضح ہے، غزہ میں فوری جنگ بندی اور انسانی امداد کی فراہمی یقینی بنائی جائے، اقوام متحدہ کی قراردادوں پر عملدرآمد ناگزیر ہے۔ عدالت نے کیس کی سماعت ملتوی کرتے ہوئے فریقین سے جواب طلب کر لیا، درخواست گزار کے وکیل نے موقف اختیار کیا کہ معاملہ عوامی مفاد کا ہے۔ وزارت خارجہ کے ترجمان نے ہفتہ وار بریفنگ میں بتایا کہ فلسطین کے مسئلے پر پاکستان کا موقف واضح ہے، غزہ میں فوری جنگ بندی اور انسانی امداد کی فراہمی یقینی بنائی جائے، اقوام متحدہ کی قراردادوں پر عملدرآمد ناگزیر ہے۔ عدالت نے کیس کی سماعت ملتوی کرتے ہوئے فریقین سے جواب طلب کر لیا، درخواست گزار کے وکیل نے موقف اختیار کیا کہ معاملہ عوامی مفاد کا ہے۔
بقیہ
سب نیوز
39
صوبائی حکومت نے ترقیاتی منصوبوں کے لیے اربوں روپے کے فنڈز جاری کر دیے، سڑکوں، اسپتالوں اور تعلیمی اداروں کی تعمیر جاری ہے، وزیراعلیٰ نے ہدایت کی کہ منصوبے مقررہ مدت میں مکمل کیے جائیں۔ اسٹیٹ بینک کے مطابق زرمبادلہ کے ذخائر میں اضافہ ہوا ہے جبکہ ترسیلات زر میں بھی نمایاں بہتری دیکھی گئی ہے، ماہرین کے مطابق معاشی اشاریے مثبت سمت میں جا رہے ہیں۔ صوبائی حکومت نے ترقیاتی منصوبوں کے لیے اربوں روپے کے فنڈز جاری کر دیے، سڑکوں، اسپتالوں اور تعلیمی اداروں کی تعمیر جاری ہے، وزیراعلیٰ نے ہدایت کی کہ منصوبے مقررہ مدت میں مکمل کیے جائیں۔ اسٹیٹ بینک کے مطابق زرمبادلہ کے ذخائر میں اضافہ ہوا ہے جبکہ ترسیلات زر میں بھی نمایاں بہتری دیکھی گئی ہے، ماہرین کے مطابق معاشی اشاریے مثبت سمت میں جا رہے ہیں۔
بقیہ
سب نیوز
40
وزیراعظم شہباز شریف نے کہا ہے کہ پاکستان خطے میں امن اور استحکام کا خواہاں ہے اور ہمسایہ ممالک کے ساتھ برابری کی بنیاد پر تعلقات چاہتا ہے، انہوں نے کہا کہ معیشت کی بحالی حکومت کی اولین ترجیح ہے اور مہنگائی میں کمی کے لیے ہر ممکن اقدامات کیے جا رہے ہیں، عوام کو ریلیف فراہم کرنا ہماری ذمہ داری ہے۔ اجلاس میں وفاقی وزرا اور اعلیٰ حکام نے شرکت کی اور مختلف امور پر تفصیلی بریفنگ دی گئی۔ وزیراعظم شہباز شریف نے کہا ہے کہ پاکستان خطے میں امن اور استحکام کا خواہاں ہے اور ہمسایہ ممالک کے ساتھ برابری کی بنیاد پر تعلقات چاہتا ہے، انہوں نے کہا کہ معیشت کی بحالی حکومت کی اولین ترجیح ہے اور مہنگائی میں کمی کے لیے ہر ممکن اقدامات کیے جا رہے ہیں، عوام کو ریلیف فراہم کرنا ہماری ذمہ داری ہے۔ اجلاس میں وفاقی وزرا اور اعلیٰ حکام نے شرکت کی اور مختلف امور پر تفصیلی بریفنگ دی گئی۔
بقیہ
سب نیوز
41
وزارت خارجہ کے ترجمان نے ہفتہ وار بریفنگ میں بتایا کہ فلسطین کے مسئلے پر پاکستان کا موقف واضح ہے، غزہ میں فوری جنگ بندی اور انسانی امداد کی فراہمی یقینی بنائی جائے، اقوام متحدہ کی قراردادوں پر عملدرآمد ناگزیر ہے۔ عدالت نے کیس کی سماعت ملتوی کرتے ہوئے فریقین سے جواب طلب کر لیا، درخواست گزار کے وکیل نے موقف اختیار کیا کہ معاملہ عوامی مفاد کا ہے۔ وزارت خارجہ کے ترجمان نے ہفتہ وار بریفنگ میں بتایا کہ فلسطین کے مسئلے پر پاکستان کا موقف واضح ہے، غزہ میں فوری جنگ بندی اور انسانی امداد کی فراہمی یقینی بنائی جائے، اقوام متحدہ کی قراردادوں پر عملدرآمد ناگزیر ہے۔ عدالت نے کیس کی سماعت ملتوی کرتے ہوئے فریقین سے جواب طلب کر لیا، درخواست گزار کے وکیل نے موقف اختیار کیا کہ معاملہ عوامی مفاد کا ہے۔ وزارت خارجہ کے ترجمان نے ہفتہ وار بریفنگ میں بتایا کہ فلسطین کے مسئلے پر پاکستان کا موقف واضح ہے، غزہ میں فوری جنگ بندی اور انسانی امداد کی فراہمی یقینی بنائی جائے، اقوام متحدہ کی قراردادوں پر عملدرآمد ناگزیر ہے۔ عدالت نے کیس کی سماعت ملتوی کرتے ہوئے فریقین سے جواب طلب کر لیا، درخواست گزار کے وکیل نے موقف اختیار کیا کہ معاملہ عوامی مفاد کا ہے۔
بقیہ
سب نیوز
42
صوبائی حکومت نے ترقیاتی منصوبوں کے لیے اربوں روپے کے فنڈز جاری کر دیے، سڑکوں، اسپتالوں اور تعلیمی اداروں کی تعمیر جاری ہے، وزیراعلیٰ نے ہدایت کی کہ منصوبے مقررہ مدت میں مکمل کیے جائیں۔ اسٹیٹ بینک کے مطابق زرمبادلہ کے ذخائر میں اضافہ ہوا ہے جبکہ ترسیلات زر میں بھی نمایاں بہتری دیکھی گئی ہے، ماہرین کے مطابق معاشی اشاریے مثبت سمت میں جا رہے ہیں۔ صوبائی حکومت نے ترقیاتی منصوبوں کے لیے اربوں روپے کے فنڈز جاری کر دیے، سڑکوں، اسپتالوں اور تعلیمی اداروں کی تعمیر جاری ہے، وزیراعلیٰ نے ہدایت کی کہ منصوبے مقررہ مدت میں مکمل کیے جائیں۔ اسٹیٹ بینک کے مطابق زرمبادلہ کے ذخائر میں اضافہ ہوا ہے جبکہ ترسیلات زر میں بھی نمایاں بہتری دیکھی گئی ہے، ماہرین کے مطابق معاشی اشاریے مثبت سمت میں جا رہے ہیں۔ صوبائی حکومت نے ترقیاتی منصوبوں کے لیے اربوں روپے کے فنڈز جاری کر دیے، سڑکوں، اسپتالوں اور تعلیمی اداروں کی تعمیر جاری ہے، وزیراعلیٰ نے ہدایت کی کہ منصوبے مقررہ مدت میں مکمل کیے جائیں۔ اسٹیٹ بینک کے مطابق زرمبادلہ کے ذخائر میں اضافہ ہوا ہے جبکہ ترسیلات زر میں بھی نمایاں بہتری دیکھی گئی ہے، ماہرین کے مطابق معاشی اشاریے مثبت سمت میں جا رہے ہیں۔ صوبائی حکومت نے ترقیاتی منصوبوں کے لیے اربوں روپے کے فنڈز جاری کر دیے، سڑکوں، اسپتالوں اور تعلیمی اداروں کی تعمیر جاری ہے، وزیراعلیٰ نے ہدایت کی کہ منصوبے مقررہ مدت میں مکمل کیے جائیں۔ اسٹیٹ بینک کے مطابق زرمبادلہ کے ذخائر میں اضافہ ہوا ہے جبکہ ترسیلات زر میں بھی نمایاں بہتری دیکھی گئی ہے، ماہرین کے مطابق معاشی اشاریے مثبت سمت میں جا رہے ہیں۔ صوبائی حکومت نے ترقیاتی منصوبوں کے لیے اربوں روپے کے فنڈز جاری کر دیے، سڑکوں، اسپتالوں اور تعلیمی اداروں کی تعمیر جاری ہے، وزیراعلیٰ نے ہدایت کی کہ منصوبے مقررہ مدت میں مکمل کیے جائیں۔ اسٹیٹ بینک کے مطابق زرمبادلہ کے ذخائر میں اضافہ ہوا ہے جبکہ ترسیلات زر میں بھی نمایاں بہتری دیکھی گئی ہے، ماہرین کے مطابق معاشی اشاریے مثبت سمت میں جا رہے ہیں۔
بقیہ
سب نیوز
43
وزیراعظم شہباز شریف نے کہا ہے کہ پاکستان خطے میں امن اور استحکام کا خواہاں ہے اور ہمسایہ ممالک کے ساتھ برابری کی بنیاد پر تعلقات چاہتا ہے، انہوں نے کہا کہ معیشت کی بحالی حکومت کی اولین ترجیح ہے اور مہنگائی میں کمی کے لیے ہر ممکن اقدامات کیے جا رہے ہیں، عوام کو ریلیف فراہم کرنا ہماری ذمہ داری ہے۔ اجلاس میں وفاقی وزرا اور اعلیٰ حکام نے شرکت کی اور مختلف امور پر تفصیلی بریفنگ دی گئی۔ وزیراعظم شہباز شریف نے کہا ہے کہ پاکستان خطے میں امن اور استحکام کا خواہاں ہے اور ہمسایہ ممالک کے ساتھ برابری کی بنیاد پر تعلقات چاہتا ہے، انہوں نے کہا کہ معیشت کی بحالی حکومت کی اولین ترجیح ہے اور مہنگائی میں کمی کے لیے ہر ممکن اقدامات کیے جا رہے ہیں، عوام کو ریلیف فراہم کرنا ہماری ذمہ داری ہے۔ اجلاس میں وفاقی وزرا اور اعلیٰ حکام نے شرکت کی اور مختلف امور پر تفصیلی بریفنگ دی گئی۔ وزیراعظم شہباز شریف نے کہا ہے کہ پاکستان خطے میں امن اور استحکام کا خواہاں ہے اور ہمسایہ ممالک کے ساتھ برابری کی بنیاد پر تعلقات چاہتا ہے، انہوں نے کہا کہ معیشت کی بحالی حکومت کی اولین ترجیح ہے اور مہنگائی میں کمی کے لیے ہر ممکن اقدامات کیے جا رہے ہیں، عوام کو ریلیف فراہم کرنا ہماری ذمہ داری ہے۔ اجلاس میں وفاقی وزرا اور اعلیٰ حکام نے شرکت کی اور مختلف امور پر تفصیلی بریفنگ دی گئی۔
بقیہ
سب نیوز
44
وزارت خارجہ کے ترجمان نے ہفتہ وار بریفنگ میں بتایا کہ فلسطین کے مسئلے پر پاکستان کا موقف واضح ہے، غزہ میں فوری جنگ بندی اور انسانی امداد کی فراہمی یقینی بنائی جائے، اقوام متحدہ کی قراردادوں پر عملدرآمد ناگزیر ہے۔ عدالت نے کیس کی سماعت ملتوی کرتے ہوئے فریقین سے جواب طلب کر لیا، درخواست گزار کے وکیل نے موقف اختیار کیا کہ معاملہ عوامی مفاد کا ہے۔ وزارت خارجہ کے ترجمان نے ہفتہ وار بریفنگ میں بتایا کہ فلسطین کے مسئلے پر پاکستان کا موقف واضح ہے، غزہ میں فوری جنگ بندی اور انسانی امداد کی فراہمی یقینی بنائی جائے، اقوام متحدہ کی قراردادوں پر عملدرآمد ناگزیر ہے۔ عدالت نے کیس کی سماعت ملتوی کرتے ہوئے فریقین سے جواب طلب کر لیا، درخواست گزار کے وکیل نے موقف اختیار کیا کہ معاملہ عوامی مفاد کا ہے۔
بقیہ
سب نیوز
45
صوبائی حکومت نے ترقیاتی منصوبوں کے لیے اربوں روپے کے فنڈز جاری کر دیے، سڑکوں، اسپتالوں اور تعلیمی اداروں کی تعمیر جاری ہے، وزیراعلیٰ نے ہدایت کی کہ منصوبے مقررہ مدت میں مکمل کیے جائیں۔ اسٹیٹ بینک کے مطابق زرمبادلہ کے ذخائر میں اضافہ ہوا ہے جبکہ ترسیلات زر میں بھی نمایاں بہتری دیکھی گئی ہے، ماہرین کے مطابق معاشی اشاریے مثبت سمت میں جا رہے ہیں۔ صوبائی حکومت نے ترقیاتی منصوبوں کے لیے اربوں روپے کے فنڈز جاری کر دیے، سڑکوں، اسپتالوں اور تعلیمی اداروں کی تعمیر جاری ہے، وزیراعلیٰ نے ہدایت کی کہ منصوبے مقررہ مدت میں مکمل کیے جائیں۔ اسٹیٹ بینک کے مطابق زرمبادلہ کے ذخائر میں اضافہ ہوا ہے جبکہ ترسیلات زر میں بھی نمایاں بہتری دیکھی گئی ہے، ماہرین کے مطابق معاشی اشاریے مثبت سمت میں جا رہے ہیں۔ صوبائی حکومت نے ترقیاتی منصوبوں کے لیے اربوں روپے کے فنڈز جاری کر دیے، سڑکوں، اسپتالوں اور تعلیمی اداروں کی تعمیر جاری ہے، وزیراعلیٰ نے ہدایت کی کہ منصوبے مقررہ مدت میں مکمل کیے جائیں۔ اسٹیٹ بینک کے مطابق زرمبادلہ کے ذخائر میں اضافہ ہوا ہے جبکہ ترسیلات زر میں بھی نمایاں بہتری دیکھی گئی ہے، ماہرین کے مطابق معاشی اشاریے مثبت سمت میں جا رہے ہیں۔
بقیہ
سب نیوز
46
وزیراعظم شہباز شریف نے کہا ہے کہ پاکستان خطے میں امن اور استحکام کا خواہاں ہے اور ہمسایہ ممالک کے ساتھ برابری کی بنیاد پر تعلقات چاہتا ہے، انہوں نے کہا کہ معیشت کی بحالی حکومت کی اولین ترجیح ہے اور مہنگائی میں کمی کے لیے ہر ممکن اقدامات کیے جا رہے ہیں، عوام کو ریلیف فراہم کرنا ہماری ذمہ داری ہے۔ اجلاس میں وفاقی وزرا اور اعلیٰ حکام نے شرکت کی اور مختلف امور پر تفصیلی بریفنگ دی گئی۔ وزیراعظم شہباز شریف نے کہا ہے کہ پاکستان خطے میں امن اور استحکام کا خواہاں ہے اور ہمسایہ ممالک کے ساتھ برابری کی بنیاد پر تعلقات چاہتا ہے، انہوں نے کہا کہ معیشت کی بحالی حکومت کی اولین ترجیح ہے اور مہنگائی میں کمی کے لیے ہر ممکن اقدامات کیے جا رہے ہیں، عوام کو ریلیف فراہم کرنا ہماری ذمہ داری ہے۔ اجلاس میں وفاقی وزرا اور اعلیٰ حکام نے شرکت کی اور مختلف امور پر تفصیلی بریفنگ دی گئی۔ وزیراعظم شہباز شریف نے کہا ہے کہ پاکستان خطے میں امن اور استحکام کا خواہاں ہے اور ہمسایہ ممالک کے ساتھ برابری کی بنیاد پر تعلقات چاہتا ہے، انہوں نے کہا کہ معیشت کی بحالی حکومت کی اولین ترجیح ہے اور مہنگائی میں کمی کے لیے ہر ممکن اقدامات کیے جا رہے ہیں، عوام کو ریلیف فراہم کرنا ہماری ذمہ داری ہے۔ اجلاس میں وفاقی وزرا اور اعلیٰ حکام نے شرکت کی اور مختلف امور پر تفصیلی بریفنگ دی گئی۔
وزارت خارجہ کے ترجمان نے ہفتہ وار بریفنگ میں بتایا کہ فلسطین کے مسئلے پر پاکستان کا موقف واضح ہے، غزہ میں فوری جنگ بندی اور انسانی امداد کی فراہمی یقینی بنائی جائے، اقوام متحدہ کی قراردادوں پر عملدرآمد ناگزیر ہے۔ عدالت نے کیس کی سماعت ملتوی کرتے ہوئے فریقین سے جواب طلب کر لیا، درخواست گزار کے وکیل نے موقف اختیار کیا کہ معاملہ عوامی مفاد کا ہے۔ وزارت خارجہ کے ترجمان نے ہفتہ وار بریفنگ میں بتایا کہ فلسطین کے مسئلے پر پاکستان کا موقف واضح ہے، غزہ میں فوری جنگ بندی اور انسانی امداد کی فراہمی یقینی بنائی جائے، اقوام متحدہ کی قراردادوں پر عملدرآمد ناگزیر ہے۔ عدالت نے کیس کی سماعت ملتوی کرتے ہوئے فریقین سے جواب طلب کر لیا، درخواست گزار کے وکیل نے موقف اختیار کیا کہ معاملہ عوامی مفاد کا ہے۔ وزارت خارجہ کے ترجمان نے ہفتہ وار بریفنگ میں بتایا کہ فلسطین کے مسئلے پر پاکستان کا موقف واضح ہے، غزہ میں فوری جنگ بندی اور انسانی امداد کی فراہمی یقینی بنائی جائے، اقوام متحدہ کی قراردادوں پر عملدرآمد ناگزیر ہے۔ عدالت نے کیس کی سماعت ملتوی کرتے ہوئے فریقین سے جواب طلب کر لیا، درخواست گزار کے وکیل نے موقف اختیار کیا کہ معاملہ عوامی مفاد کا ہے۔ وزارت خارجہ کے ترجمان نے ہفتہ وار بریفنگ میں بتایا کہ فلسطین کے مسئلے پر پاکستان کا موقف واضح ہے، غزہ میں فوری جنگ بندی اور انسانی امداد کی فراہمی یقینی بنائی جائے، اقوام متحدہ کی قراردادوں پر عملدرآمد ناگزیر ہے۔ عدالت نے کیس کی سماعت ملتوی کرتے ہوئے فریقین سے جواب طلب کر لیا، درخواست گزار کے وکیل نے موقف اختیار کیا کہ معاملہ عوامی مفاد کا ہے۔ وزارت خارجہ کے ترجمان نے ہفتہ وار بریفنگ میں بتایا کہ فلسطین کے مسئلے پر پاکستان کا موقف واضح ہے، غزہ میں فوری جنگ بندی اور انسانی امداد کی فراہمی یقینی بنائی جائے، اقوام متحدہ کی قراردادوں پر عملدرآمد ناگزیر ہے۔ عدالت نے کیس کی سماعت ملتوی کرتے ہوئے فریقین سے جواب طلب کر لیا، درخواست گزار کے وکیل نے موقف اختیار کیا کہ معاملہ عوامی مفاد کا ہے۔ وزارت خارجہ کے ترجمان نے ہفتہ وار بریفنگ میں بتایا کہ فلسطین کے مسئلے پر پاکستان کا موقف واضح ہے، غزہ میں فوری جنگ بندی اور انسانی امداد کی فراہمی یقینی بنائی جائے، اقوام متحدہ کی قراردادوں پر عملدرآمد ناگزیر ہے۔ عدالت نے کیس کی سماعت ملتوی کرتے ہوئے فریقین سے جواب طلب کر لیا، درخواست گزار کے وکیل نے موقف اختیار کیا کہ معاملہ عوامی مفاد کا ہے۔
بقیہ
سب نیوز
47
صوبائی حکومت نے ترقیاتی منصوبوں کے لیے اربوں روپے کے فنڈز جاری کر دیے، سڑکوں، اسپتالوں اور تعلیمی اداروں کی تعمیر جاری ہے، وزیراعلیٰ نے ہدایت کی کہ منصوبے مقررہ مدت میں مکمل کیے جائیں۔ اسٹیٹ بینک کے مطابق زرمبادلہ کے ذخائر میں اضافہ ہوا ہے جبکہ ترسیلات زر میں بھی نمایاں بہتری دیکھی گئی ہے، ماہرین کے مطابق معاشی اشاریے مثبت سمت میں جا رہے ہیں۔ صوبائی حکومت نے ترقیاتی منصوبوں کے لیے اربوں روپے کے فنڈز جاری کر دیے، سڑکوں، اسپتالوں اور تعلیمی اداروں کی تعمیر جاری ہے، وزیراعلیٰ نے ہدایت کی کہ منصوبے مقررہ مدت میں مکمل کیے جائیں۔ اسٹیٹ بینک کے مطابق زرمبادلہ کے ذخائر میں اضافہ ہوا ہے جبکہ ترسیلات زر میں بھی نمایاں بہتری دیکھی گئی ہے، ماہرین کے مطابق معاشی اشاریے مثبت سمت میں جا رہے ہیں۔ صوبائی حکومت نے ترقیاتی منصوبوں کے لیے اربوں روپے کے فنڈز جاری کر دیے، سڑکوں، اسپتالوں اور تعلیمی اداروں کی تعمیر جاری ہے، وزیراعلیٰ نے ہدایت کی کہ منصوبے مقررہ مدت میں مکمل کیے جائیں۔ اسٹیٹ بینک کے مطابق زرمبادلہ کے ذخائر میں اضافہ ہوا ہے جبکہ ترسیلات زر میں بھی نمایاں بہتری دیکھی گئی ہے، ماہرین کے مطابق معاشی اشاریے مثبت سمت میں جا رہے ہیں۔ صوبائی حکومت نے ترقیاتی منصوبوں کے لیے اربوں روپے کے فنڈز جاری کر دیے، سڑکوں، اسپتالوں اور تعلیمی اداروں کی تعمیر جاری ہے، وزیراعلیٰ نے ہدایت کی کہ منصوبے مقررہ مدت میں مکمل کیے جائیں۔ اسٹیٹ بینک کے مطابق زرمبادلہ کے ذخائر میں اضافہ ہوا ہے جبکہ ترسیلات زر میں بھی نمایاں بہتری دیکھی گئی ہے، ماہرین کے مطابق معاشی اشاریے مثبت سمت میں جا رہے ہیں۔
بقیہ
سب نیوز
48
وزیراعظم شہباز شریف نے کہا ہے کہ پاکستان خطے میں امن اور استحکام کا خواہاں ہے اور ہمسایہ ممالک کے ساتھ برابری کی بنیاد پر تعلقات چاہتا ہے، انہوں نے کہا کہ معیشت کی بحالی حکومت کی اولین ترجیح ہے اور مہنگائی میں کمی کے لیے ہر ممکن اقدامات کیے جا رہے ہیں، عوام کو ریلیف فراہم کرنا ہماری ذمہ داری ہے۔ اجلاس میں وفاقی وزرا اور اعلیٰ حکام نے شرکت کی اور مختلف امور پر تفصیلی بریفنگ دی گئی۔ وزیراعظم شہباز شریف نے کہا ہے کہ پاکستان خطے میں امن اور استحکام کا خواہاں ہے اور ہمسایہ ممالک کے ساتھ برابری کی بنیاد پر تعلقات چاہتا ہے، انہوں نے کہا کہ معیشت کی بحالی حکومت کی اولین ترجیح ہے اور مہنگائی میں کمی کے لیے ہر ممکن اقدامات کیے جا رہے ہیں، عوام کو ریلیف فراہم کرنا ہماری ذمہ داری ہے۔ اجلاس میں وفاقی وزرا اور اعلیٰ حکام نے شرکت کی اور مختلف امور پر تفصیلی بریفنگ دی گئی۔ وزیراعظم شہباز شریف نے کہا ہے کہ پاکستان خطے میں امن اور استحکام کا خواہاں ہے اور ہمسایہ ممالک کے ساتھ برابری کی بنیاد پر تعلقات چاہتا ہے، انہوں نے کہا کہ معیشت کی بحالی حکومت کی اولین ترجیح ہے اور مہنگائی میں کمی کے لیے ہر ممکن اقدامات کیے جا رہے ہیں، عوام کو ریلیف فراہم کرنا ہماری ذمہ داری ہے۔ اجلاس میں وفاقی وزرا اور اعلیٰ حکام نے شرکت کی اور مختلف امور پر تفصیلی بریفنگ دی گئی۔ وزیراعظم شہباز شریف نے کہا ہے کہ پاکستان خطے میں امن اور استحکام کا خواہاں ہے اور ہمسایہ ممالک کے ساتھ برابری کی بنیاد پر تعلقات چاہتا ہے، انہوں نے کہا کہ معیشت کی بحالی حکومت کی اولین ترجیح ہے اور مہنگائی میں کمی کے لیے ہر ممکن اقدامات کیے جا رہے ہیں، عوام کو ریلیف فراہم کرنا ہماری ذمہ داری ہے۔ اجلاس میں وفاقی وزرا اور اعلیٰ حکام نے شرکت کی اور مختلف امور پر تفصیلی بریفنگ دی گئی۔ وزیراعظم شہباز شریف نے کہا ہے کہ پاکستان خطے میں امن اور استحکام کا خواہاں ہے اور ہمسایہ ممالک کے ساتھ برابری کی بنیاد پر تعلقات چاہتا ہے، انہوں نے کہا کہ معیشت کی بحالی حکومت کی اولین ترجیح ہے اور مہنگائی میں کمی کے لیے ہر ممکن اقدامات کیے جا رہے ہیں، عوام کو ریلیف فراہم کرنا ہماری ذمہ داری ہے۔ اجلاس میں وفاقی وزرا اور اعلیٰ حکام نے شرکت کی اور مختلف امور پر تفصیلی بریفنگ دی گئی۔ وزیراعظم شہباز شریف نے کہا ہے کہ پاکستان خطے میں امن اور استحکام کا خواہاں ہے اور ہمسایہ ممالک کے ساتھ برابری کی بنیاد پر تعلقات چاہتا ہے، انہوں نے کہا کہ معیشت کی بحالی حکومت کی اولین ترجیح ہے اور مہنگائی میں کمی کے لیے ہر ممکن اقدامات کیے جا رہے ہیں، عوام کو ریلیف فراہم کرنا ہماری ذمہ داری ہے۔ اجلاس میں وفاقی وزرا اور اعلیٰ حکام نے شرکت کی اور مختلف امور پر تفصیلی بریفنگ دی گئی۔
